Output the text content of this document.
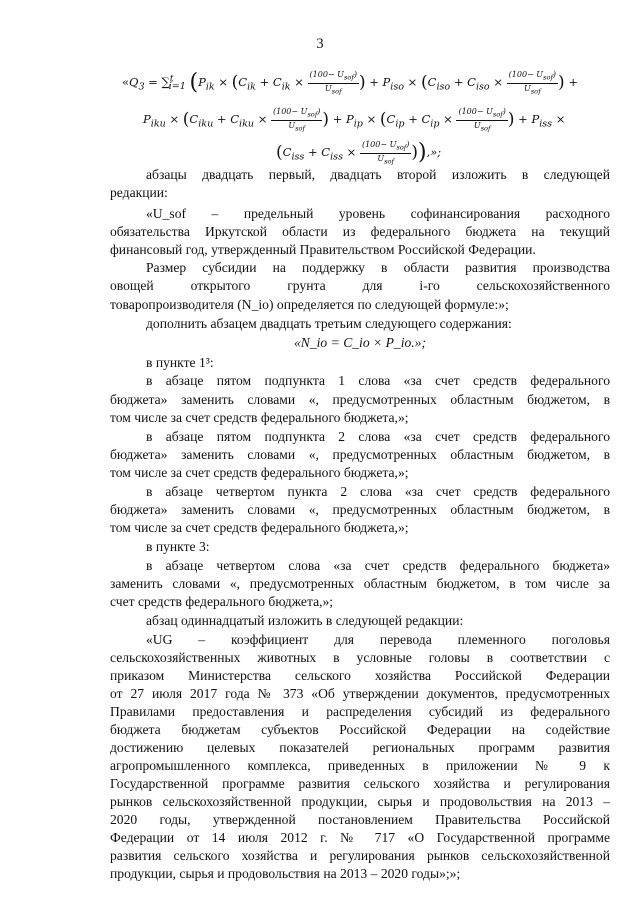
3
«$Q_3 = \sum^t_{i=1}$ ($P_{ik} \times (C_{ik} + C_{ik} \times \frac{(100- U_{sof})}{U_{sof}}$ ) + $P_{iso} \times (C_{iso} + C_{iso} \times \frac{(100- U_{sof})}{U_{sof}}$ ) +
$P_{iku} \times (C_{iku} + C_{iku} \times \frac{(100- U_{sof})}{U_{sof}}$ ) + $P_{ip} \times (C_{ip} + C_{ip} \times \frac{(100- U_{sof})}{U_{sof}}$ ) + $P_{iss}$ ×
($C_{iss} + C_{iss} \times \frac{(100- U_{sof})}{U_{sof}}$ )),»;
абзацы двадцать первый, двадцать второй изложить в следующей
редакции:
«U_sof – предельный уровень софинансирования расходного
обязательства Иркутской области из федерального бюджета на текущий
финансовый год, утвержденный Правительством Российской Федерации.
Размер субсидии на поддержку в области развития производства
овощей открытого грунта для i-го сельскохозяйственного
товаропроизводителя (N_io) определяется по следующей формуле:»;
дополнить абзацем двадцать третьим следующего содержания:
«N_io = C_io × P_io.»;
в пункте 1³:
в абзаце пятом подпункта 1 слова «за счет средств федерального
бюджета» заменить словами «, предусмотренных областным бюджетом, в
том числе за счет средств федерального бюджета,»;
в абзаце пятом подпункта 2 слова «за счет средств федерального
бюджета» заменить словами «, предусмотренных областным бюджетом, в
том числе за счет средств федерального бюджета,»;
в абзаце четвертом пункта 2 слова «за счет средств федерального
бюджета» заменить словами «, предусмотренных областным бюджетом, в
том числе за счет средств федерального бюджета,»;
в пункте 3:
в абзаце четвертом слова «за счет средств федерального бюджета»
заменить словами «, предусмотренных областным бюджетом, в том числе за
счет средств федерального бюджета,»;
абзац одиннадцатый изложить в следующей редакции:
«UG – коэффициент для перевода племенного поголовья
сельскохозяйственных животных в условные головы в соответствии с
приказом Министерства сельского хозяйства Российской Федерации
от 27 июля 2017 года № 373 «Об утверждении документов, предусмотренных
Правилами предоставления и распределения субсидий из федерального
бюджета бюджетам субъектов Российской Федерации на содействие
достижению целевых показателей региональных программ развития
агропромышленного комплекса, приведенных в приложении № 9 к
Государственной программе развития сельского хозяйства и регулирования
рынков сельскохозяйственной продукции, сырья и продовольствия на 2013 –
2020 годы, утвержденной постановлением Правительства Российской
Федерации от 14 июля 2012 г. № 717 «О Государственной программе
развития сельского хозяйства и регулирования рынков сельскохозяйственной
продукции, сырья и продовольствия на 2013 – 2020 годы»;»;
